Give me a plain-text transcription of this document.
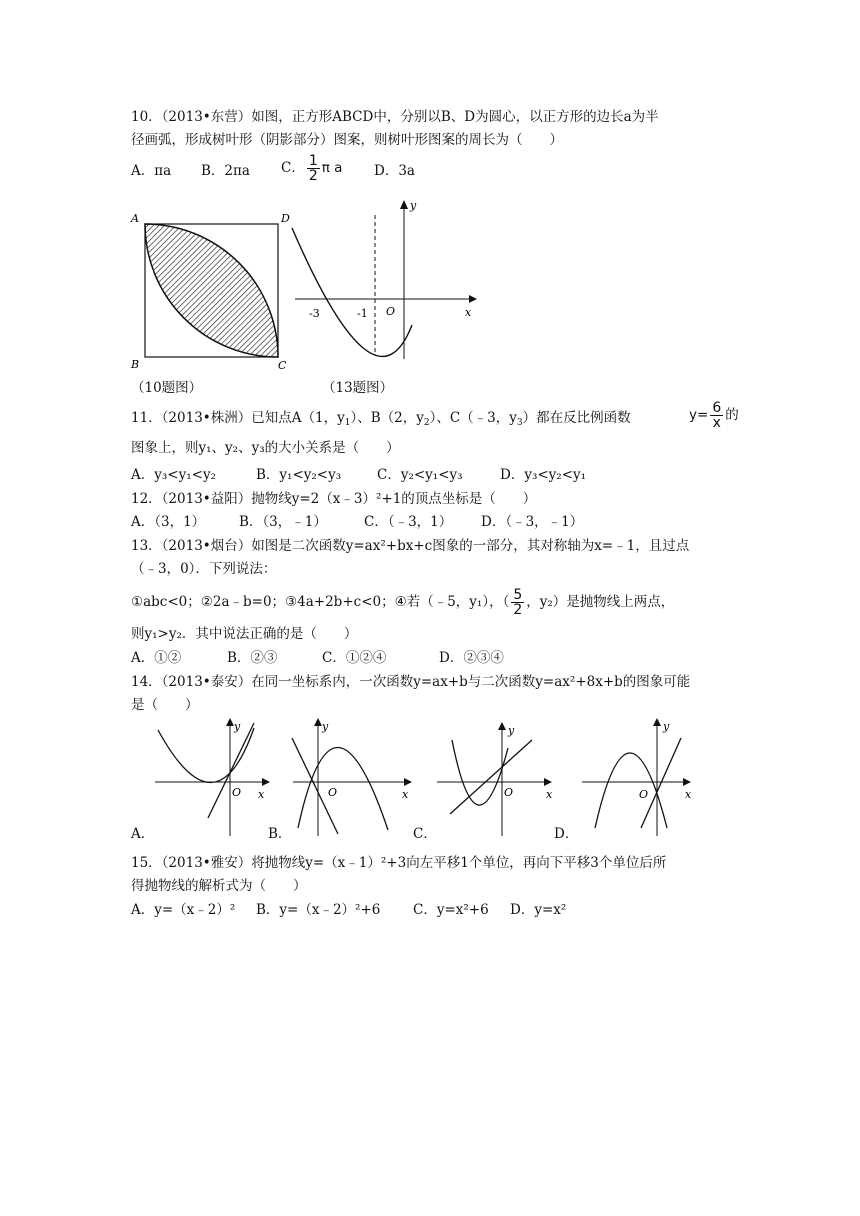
10．（2013•东营）如图，正方形ABCD中，分别以B、D为圆心，以正方形的边长a为半
径画弧，形成树叶形（阴影部分）图案，则树叶形图案的周长为（　　）
A．πa B．2πa C． $\frac{1}{2}$ π a D．3a
A	D
B	C
-3	-1 O	x
y
（10题图）	（13题图）
11．（2013•株洲）已知点A（1，$y_1$）、B（2，$y_2$）、C（﹣3，$y_3$）都在反比例函数	$y= \frac{6}{x}$ 的
图象上，则y₁、y₂、y₃的大小关系是（　　）
A．y₃<y₁<y₂	B．y₁<y₂<y₃	C．y₂<y₁<y₃	D．y₃<y₂<y₁
12．（2013•益阳）抛物线y=2（x﹣3）²+1的顶点坐标是（　　）
A．（3，1）	B．（3，﹣1）	C．（﹣3，1） D．（﹣3，﹣1）
13．（2013•烟台）如图是二次函数y=ax²+bx+c图象的一部分，其对称轴为x=﹣1，且过点
（﹣3，0）．下列说法：
①abc<0；②2a﹣b=0；③4a+2b+c<0；④若（﹣5，y₁），（ $\frac{5}{2}$ ，y₂）是抛物线上两点，
则y₁>y₂．其中说法正确的是（　　）
A．①②	B．②③	C．①②④	D．②③④
14．（2013•泰安）在同一坐标系内，一次函数y=ax+b与二次函数y=ax²+8x+b的图象可能
是（　　）
O x
y
O	x
y
O	x
y
O	x
y
A．	B．	C．	D．
15．（2013•雅安）将抛物线y=（x﹣1）²+3向左平移1个单位，再向下平移3个单位后所
得抛物线的解析式为（　　）
A．y=（x﹣2）² B．y=（x﹣2）²+6 C．y=x²+6 D．y=x²
